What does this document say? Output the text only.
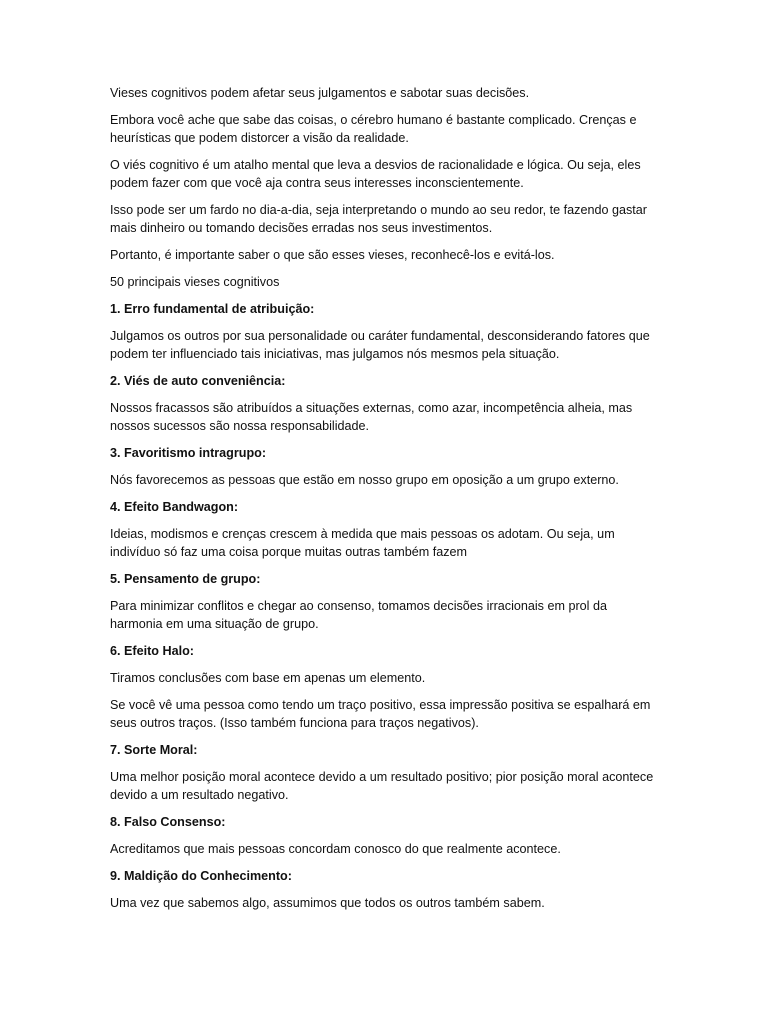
Vieses cognitivos podem afetar seus julgamentos e sabotar suas decisões.

Embora você ache que sabe das coisas, o cérebro humano é bastante complicado. Crenças e heurísticas que podem distorcer a visão da realidade.

O viés cognitivo é um atalho mental que leva a desvios de racionalidade e lógica. Ou seja, eles podem fazer com que você aja contra seus interesses inconscientemente.

Isso pode ser um fardo no dia-a-dia, seja interpretando o mundo ao seu redor, te fazendo gastar mais dinheiro ou tomando decisões erradas nos seus investimentos.

Portanto, é importante saber o que são esses vieses, reconhecê-los e evitá-los.

50 principais vieses cognitivos

1. Erro fundamental de atribuição:

Julgamos os outros por sua personalidade ou caráter fundamental, desconsiderando fatores que podem ter influenciado tais iniciativas, mas julgamos nós mesmos pela situação.

2. Viés de auto conveniência:

Nossos fracassos são atribuídos a situações externas, como azar, incompetência alheia, mas nossos sucessos são nossa responsabilidade.

3. Favoritismo intragrupo:

Nós favorecemos as pessoas que estão em nosso grupo em oposição a um grupo externo.

4. Efeito Bandwagon:

Ideias, modismos e crenças crescem à medida que mais pessoas os adotam. Ou seja, um indivíduo só faz uma coisa porque muitas outras também fazem

5. Pensamento de grupo:

Para minimizar conflitos e chegar ao consenso, tomamos decisões irracionais em prol da harmonia em uma situação de grupo.

6. Efeito Halo:

Tiramos conclusões com base em apenas um elemento.

Se você vê uma pessoa como tendo um traço positivo, essa impressão positiva se espalhará em seus outros traços. (Isso também funciona para traços negativos).

7. Sorte Moral:

Uma melhor posição moral acontece devido a um resultado positivo; pior posição moral acontece devido a um resultado negativo.

8. Falso Consenso:

Acreditamos que mais pessoas concordam conosco do que realmente acontece.

9. Maldição do Conhecimento:

Uma vez que sabemos algo, assumimos que todos os outros também sabem.
